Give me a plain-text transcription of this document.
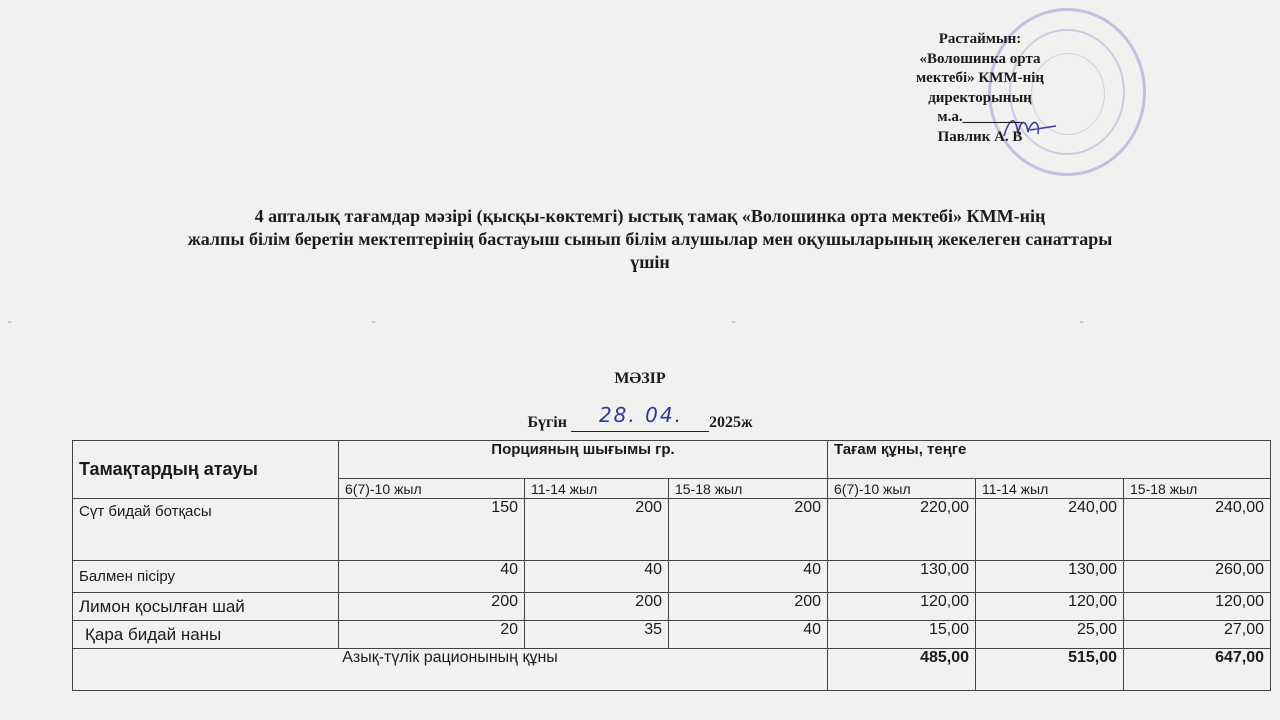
Растаймын:
«Волошинка орта
мектебі» КММ-нің
директорының
м.а.________
Павлик А. В
4 апталық тағамдар мәзірі (қысқы-көктемгі) ыстық тамақ «Волошинка орта мектебі» КММ-нің
жалпы білім беретін мектептерінің бастауыш сынып білім алушылар мен оқушыларының жекелеген санаттары
үшін
¨	¨	¨	¨
МӘЗІР
Бүгін 28. 04. 2025ж
Тамақтардың атауы	Порцияның шығымы гр.			Тағам құны, теңге		
	6(7)-10 жыл	11-14 жыл	15-18 жыл	6(7)-10 жыл	11-14 жыл	15-18 жыл
Сүт бидай ботқасы	150	200	200	220,00	240,00	240,00
Балмен пісіру	40	40	40	130,00	130,00	260,00
Лимон қосылған шай	200	200	200	120,00	120,00	120,00
Қара бидай наны	20	35	40	15,00	25,00	27,00
Азық-түлік рационының құны				485,00	515,00	647,00
